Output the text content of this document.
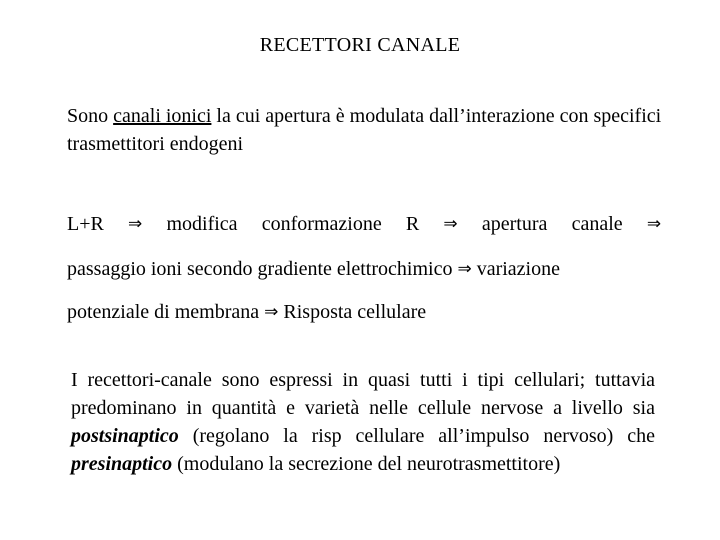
RECETTORI CANALE
Sono canali ionici la cui apertura è modulata dall’interazione con specifici trasmettitori endogeni
L+R ⇒ modifica conformazione R ⇒ apertura canale ⇒
passaggio ioni secondo gradiente elettrochimico ⇒ variazione
potenziale di membrana ⇒ Risposta cellulare
I recettori-canale sono espressi in quasi tutti i tipi cellulari; tuttavia predominano in quantità e varietà nelle cellule nervose a livello sia postsinaptico (regolano la risp cellulare all’impulso nervoso) che presinaptico (modulano la secrezione del neurotrasmettitore)
